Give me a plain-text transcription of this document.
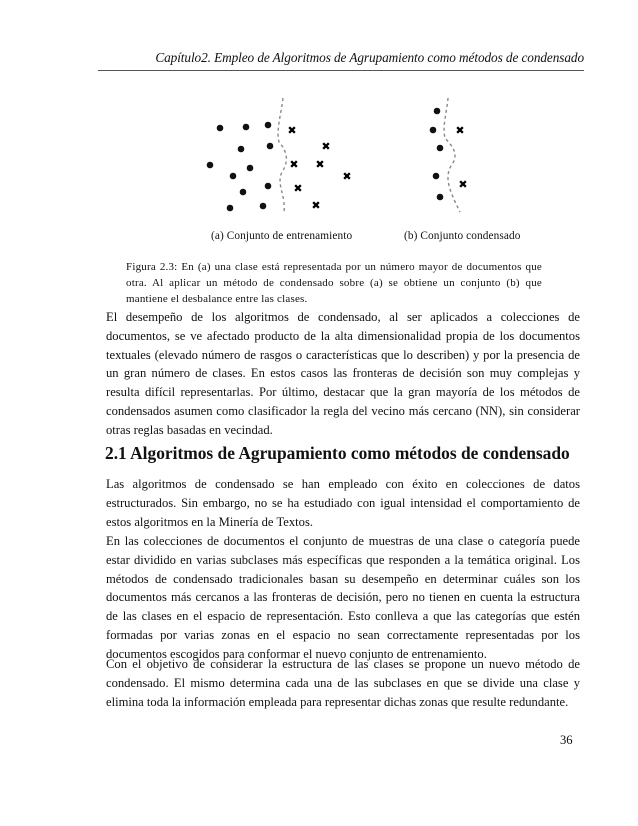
Capítulo2. Empleo de Algoritmos de Agrupamiento como métodos de condensado
✖
✖
✖ ✖
✖
✖
✖
✖
✖
(a) Conjunto de entrenamiento	(b) Conjunto condensado
Figura 2.3: En (a) una clase está representada por un número mayor de documentos que otra. Al aplicar un método de condensado sobre (a) se obtiene un conjunto (b) que mantiene el desbalance entre las clases.

El desempeño de los algoritmos de condensado, al ser aplicados a colecciones de documentos, se ve afectado producto de la alta dimensionalidad propia de los documentos textuales (elevado número de rasgos o características que lo describen) y por la presencia de un gran número de clases. En estos casos las fronteras de decisión son muy complejas y resulta difícil representarlas. Por último, destacar que la gran mayoría de los métodos de condensados asumen como clasificador la regla del vecino más cercano (NN), sin considerar otras reglas basadas en vecindad.

2.1 Algoritmos de Agrupamiento como métodos de condensado

Las algoritmos de condensado se han empleado con éxito en colecciones de datos estructurados. Sin embargo, no se ha estudiado con igual intensidad el comportamiento de estos algoritmos en la Minería de Textos.

En las colecciones de documentos el conjunto de muestras de una clase o categoría puede estar dividido en varias subclases más específicas que responden a la temática original. Los métodos de condensado tradicionales basan su desempeño en determinar cuáles son los documentos más cercanos a las fronteras de decisión, pero no tienen en cuenta la estructura de las clases en el espacio de representación. Esto conlleva a que las categorías que estén formadas por varias zonas en el espacio no sean correctamente representadas por los documentos escogidos para conformar el nuevo conjunto de entrenamiento.

Con el objetivo de considerar la estructura de las clases se propone un nuevo método de condensado. El mismo determina cada una de las subclases en que se divide una clase y elimina toda la información empleada para representar dichas zonas que resulte redundante.

36
